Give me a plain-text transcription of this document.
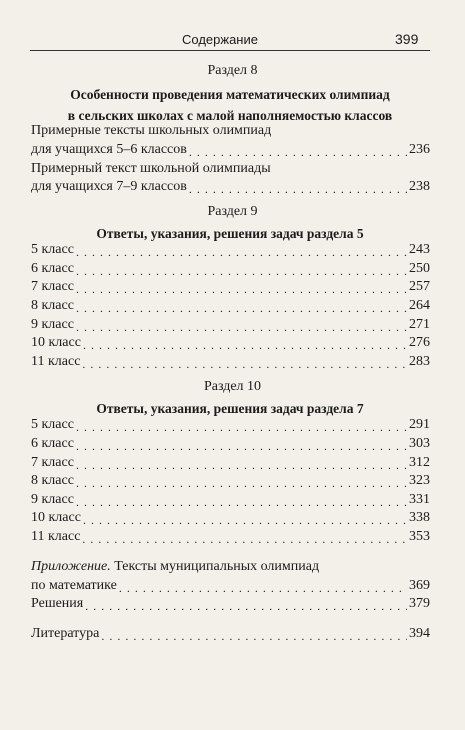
Содержание	399
Раздел 8
Особенности проведения математических олимпиад
в сельских школах с малой наполняемостью классов
Примерные тексты школьных олимпиад
для учащихся 5–6 классов . . .	236
Примерный текст школьной олимпиады
для учащихся 7–9 классов . . .	238
Раздел 9
Ответы, указания, решения задач раздела 5
5 класс . . .	243
6 класс . . .	250
7 класс . . .	257
8 класс . . .	264
9 класс . . .	271
10 класс . . .	276
11 класс . . .	283
Раздел 10
Ответы, указания, решения задач раздела 7
5 класс . . .	291
6 класс . . .	303
7 класс . . .	312
8 класс . . .	323
9 класс . . .	331
10 класс . . .	338
11 класс . . .	353
Приложение. Тексты муниципальных олимпиад
по математике . . .	369
Решения . . .	379
Литература . . .	394
